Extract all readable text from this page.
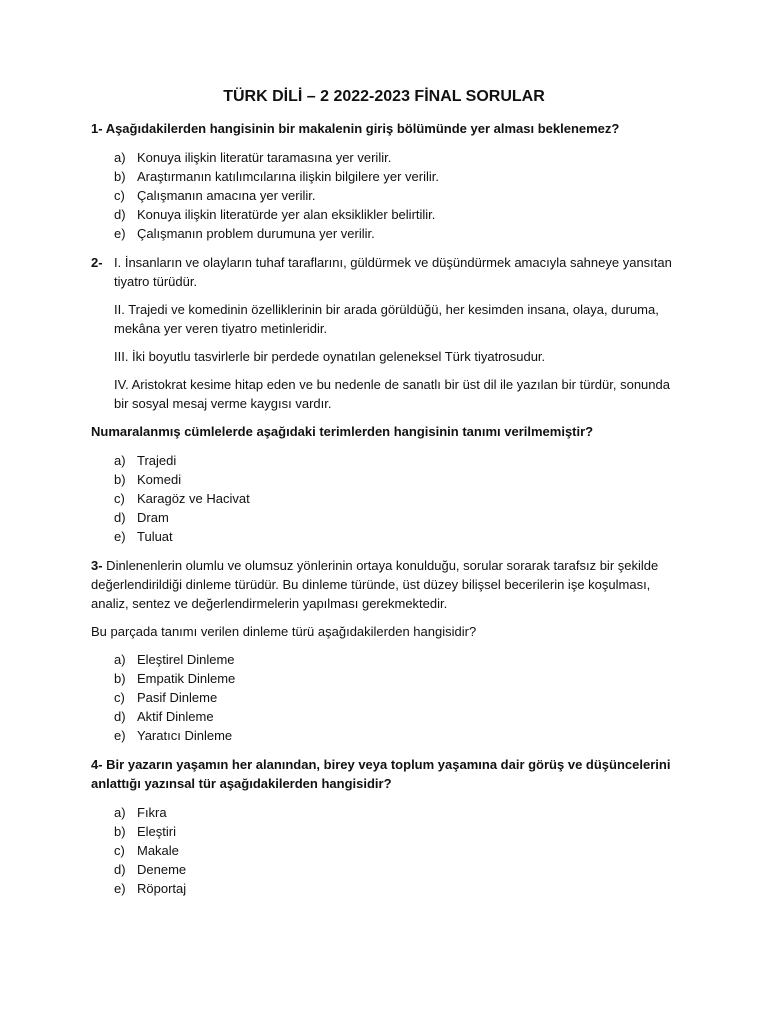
TÜRK DİLİ – 2 2022-2023 FİNAL SORULAR

1- Aşağıdakilerden hangisinin bir makalenin giriş bölümünde yer alması beklenemez?

a) Konuya ilişkin literatür taramasına yer verilir.
b) Araştırmanın katılımcılarına ilişkin bilgilere yer verilir.
c) Çalışmanın amacına yer verilir.
d) Konuya ilişkin literatürde yer alan eksiklikler belirtilir.
e) Çalışmanın problem durumuna yer verilir.
2- I. İnsanların ve olayların tuhaf taraflarını, güldürmek ve düşündürmek amacıyla sahneye yansıtan tiyatro türüdür.

II. Trajedi ve komedinin özelliklerinin bir arada görüldüğü, her kesimden insana, olaya, duruma, mekâna yer veren tiyatro metinleridir.

III. İki boyutlu tasvirlerle bir perdede oynatılan geleneksel Türk tiyatrosudur.

IV. Aristokrat kesime hitap eden ve bu nedenle de sanatlı bir üst dil ile yazılan bir türdür, sonunda bir sosyal mesaj verme kaygısı vardır.

Numaralanmış cümlelerde aşağıdaki terimlerden hangisinin tanımı verilmemiştir?

a) Trajedi
b) Komedi
c) Karagöz ve Hacivat
d) Dram
e) Tuluat

3- Dinlenenlerin olumlu ve olumsuz yönlerinin ortaya konulduğu, sorular sorarak tarafsız bir şekilde değerlendirildiği dinleme türüdür. Bu dinleme türünde, üst düzey bilişsel becerilerin işe koşulması, analiz, sentez ve değerlendirmelerin yapılması gerekmektedir.

Bu parçada tanımı verilen dinleme türü aşağıdakilerden hangisidir?

a) Eleştirel Dinleme
b) Empatik Dinleme
c) Pasif Dinleme
d) Aktif Dinleme
e) Yaratıcı Dinleme

4- Bir yazarın yaşamın her alanından, birey veya toplum yaşamına dair görüş ve düşüncelerini anlattığı yazınsal tür aşağıdakilerden hangisidir?

a) Fıkra
b) Eleştiri
c) Makale
d) Deneme
e) Röportaj
